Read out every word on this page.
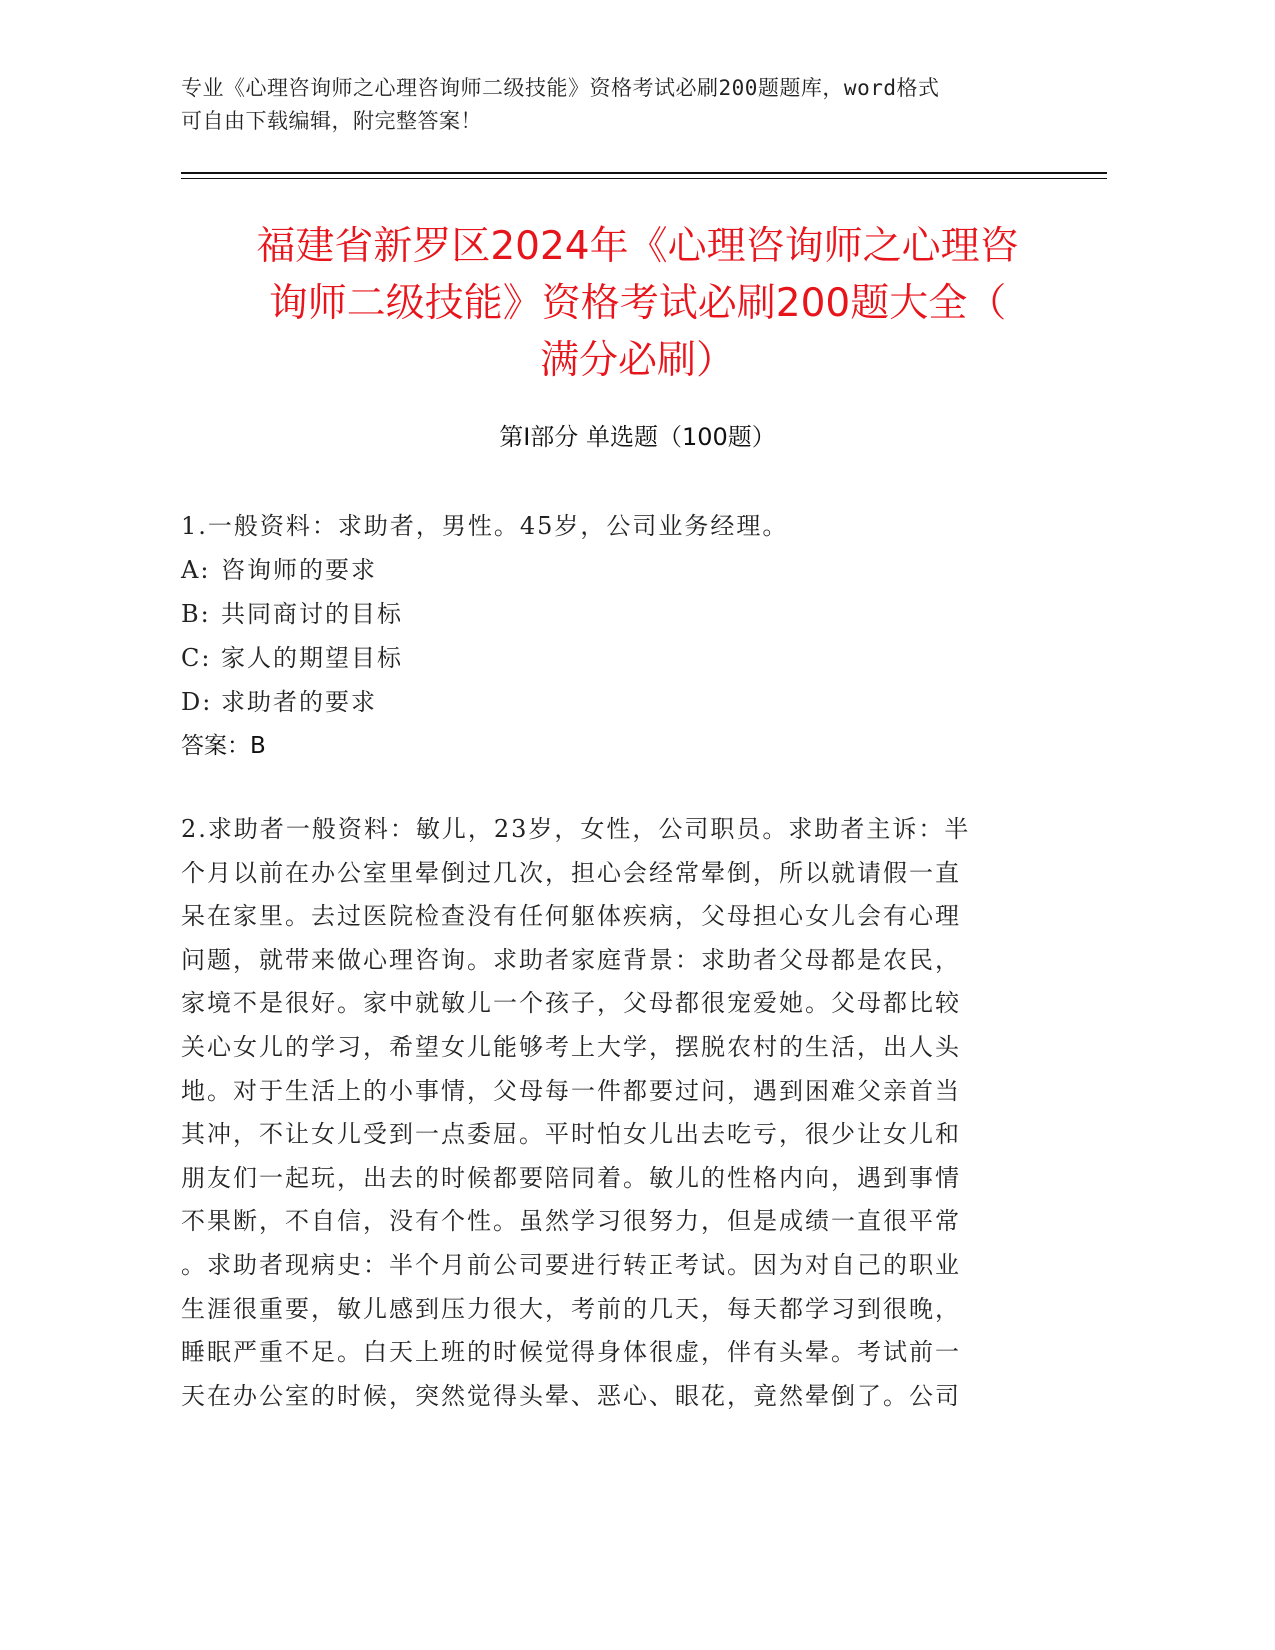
专业《心理咨询师之心理咨询师二级技能》资格考试必刷200题题库，word格式
可自由下载编辑，附完整答案！
福建省新罗区2024年《心理咨询师之心理咨
询师二级技能》资格考试必刷200题大全（
满分必刷）
第Ⅰ部分 单选题（100题）
1.一般资料：求助者，男性。45岁，公司业务经理。
A: 咨询师的要求
B: 共同商讨的目标
C: 家人的期望目标
D: 求助者的要求
答案：B
2.求助者一般资料：敏儿，23岁，女性，公司职员。求助者主诉：半
个月以前在办公室里晕倒过几次，担心会经常晕倒，所以就请假一直
呆在家里。去过医院检查没有任何躯体疾病，父母担心女儿会有心理
问题，就带来做心理咨询。求助者家庭背景：求助者父母都是农民，
家境不是很好。家中就敏儿一个孩子，父母都很宠爱她。父母都比较
关心女儿的学习，希望女儿能够考上大学，摆脱农村的生活，出人头
地。对于生活上的小事情，父母每一件都要过问，遇到困难父亲首当
其冲，不让女儿受到一点委屈。平时怕女儿出去吃亏，很少让女儿和
朋友们一起玩，出去的时候都要陪同着。敏儿的性格内向，遇到事情
不果断，不自信，没有个性。虽然学习很努力，但是成绩一直很平常
。求助者现病史：半个月前公司要进行转正考试。因为对自己的职业
生涯很重要，敏儿感到压力很大，考前的几天，每天都学习到很晚，
睡眠严重不足。白天上班的时候觉得身体很虚，伴有头晕。考试前一
天在办公室的时候，突然觉得头晕、恶心、眼花，竟然晕倒了。公司
